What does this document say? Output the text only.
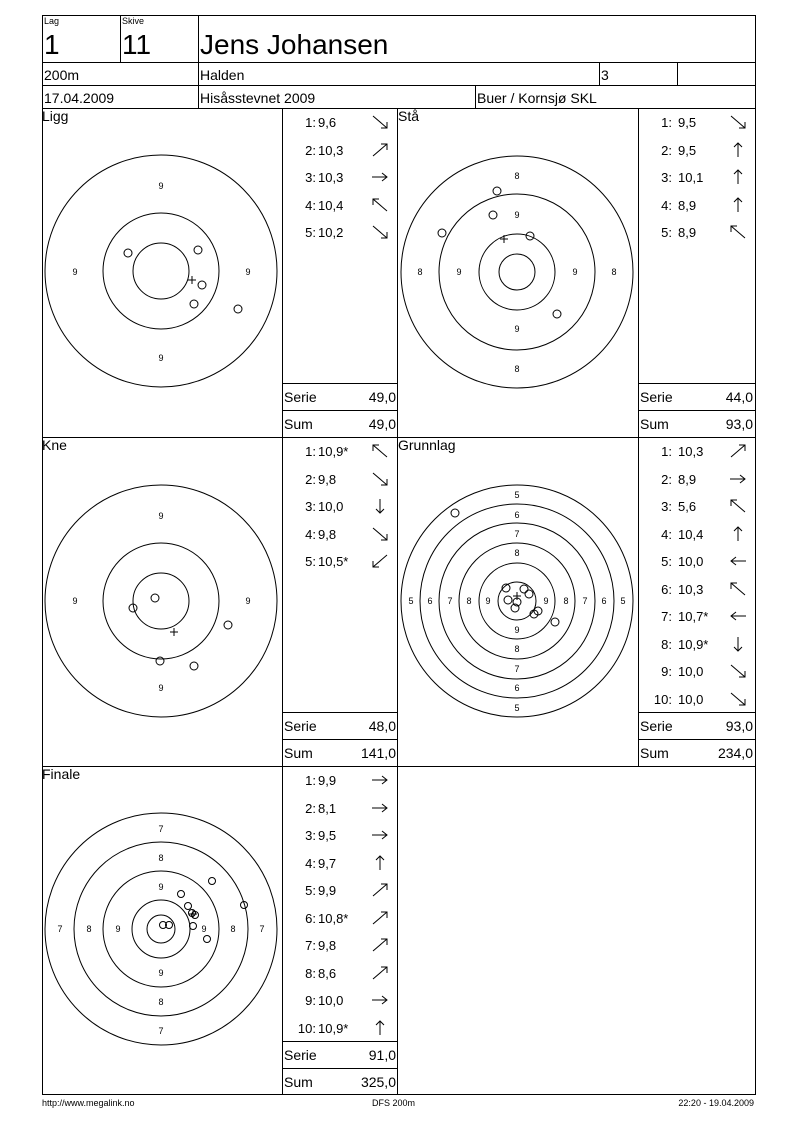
Lag
1
Skive
11 Jens Johansen
200m	Halden	3
17.04.2009	Hisåsstevnet 2009	Buer / Kornsjø SKL
Ligg	Stå
Kne	Grunnlag
Finale
1: 9,6
2: 10,3
3: 10,3
4: 10,4
5: 10,2
1: 9,5
2: 9,5
3: 10,1
4: 8,9
5: 8,9
1: 10,9*
2: 9,8
3: 10,0
4: 9,8
5: 10,5*
1: 10,3
2: 8,9
3: 5,6
4: 10,4
5: 10,0
6: 10,3
7: 10,7*
8: 10,9*
9: 10,0
10: 10,0
1: 9,9
2: 8,1
3: 9,5
4: 9,7
5: 9,9
6: 10,8*
7: 9,8
8: 8,6
9: 10,0
10: 10,9*
Serie	49,0
Sum	49,0
Serie	44,0
Sum	93,0
Serie	48,0
Sum	141,0
Serie	93,0
Sum	234,0
Serie	91,0
Sum	325,0
9
9
9	9
8
8
8	8
9
9
9	9
9
9
9	9
5
5
5	5
6
6
6	6
7
7
7	7
8
8
8	8
9
9	9
7
7
7	7
8
8
8	8
9
9
9	9
http://www.megalink.no	DFS 200m	22:20 - 19.04.2009
